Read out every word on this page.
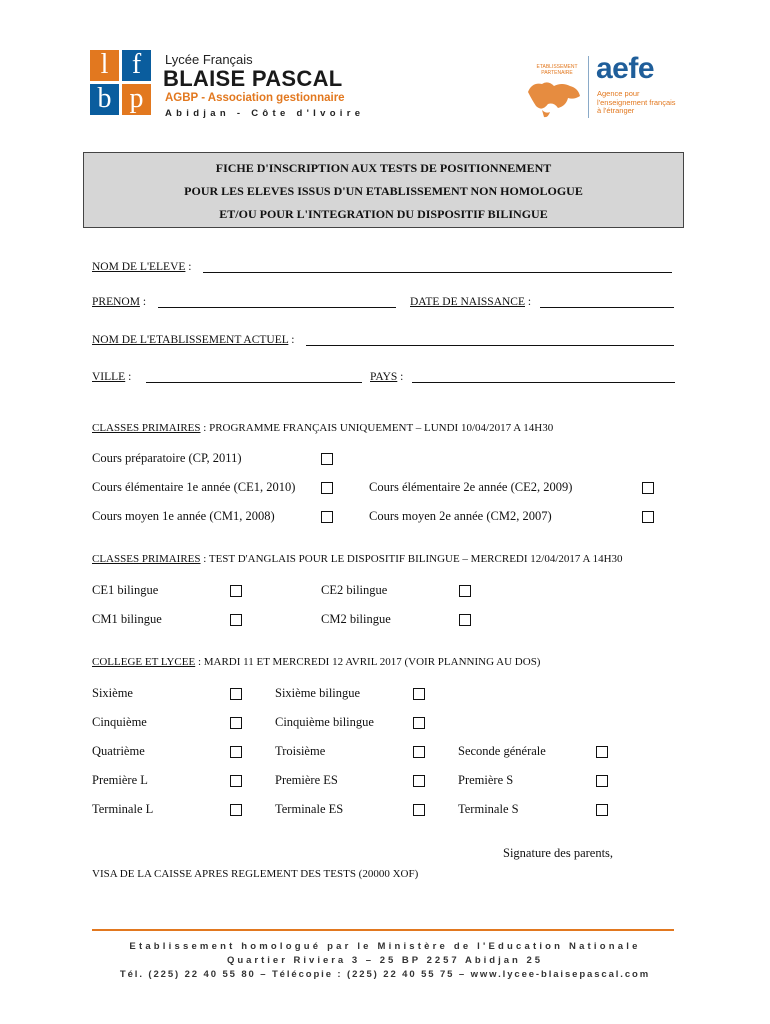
l f
b p
Lycée Français
BLAISE PASCAL
AGBP - Association gestionnaire
Abidjan - Côte d'Ivoire
ETABLISSEMENT PARTENAIRE aefe
Agence pour l'enseignement français à l'étranger
FICHE D'INSCRIPTION AUX TESTS DE POSITIONNEMENT
POUR LES ELEVES ISSUS D'UN ETABLISSEMENT NON HOMOLOGUE
ET/OU POUR L'INTEGRATION DU DISPOSITIF BILINGUE
NOM DE L'ELEVE :
PRENOM :	DATE DE NAISSANCE :
NOM DE L'ETABLISSEMENT ACTUEL :
VILLE :	PAYS :
CLASSES PRIMAIRES : PROGRAMME FRANÇAIS UNIQUEMENT – LUNDI 10/04/2017 A 14H30
Cours préparatoire (CP, 2011)
Cours élémentaire 1e année (CE1, 2010)	Cours élémentaire 2e année (CE2, 2009)
Cours moyen 1e année (CM1, 2008)	Cours moyen 2e année (CM2, 2007)
CLASSES PRIMAIRES : TEST D'ANGLAIS POUR LE DISPOSITIF BILINGUE – MERCREDI 12/04/2017 A 14H30
CE1 bilingue	CE2 bilingue
CM1 bilingue	CM2 bilingue
COLLEGE ET LYCEE : MARDI 11 ET MERCREDI 12 AVRIL 2017 (VOIR PLANNING AU DOS)
Sixième	Sixième bilingue
Cinquième	Cinquième bilingue
Quatrième	Troisième	Seconde générale
Première L	Première ES	Première S
Terminale L	Terminale ES	Terminale S
Signature des parents,
VISA DE LA CAISSE APRES REGLEMENT DES TESTS (20000 XOF)
Etablissement homologué par le Ministère de l'Education Nationale
Quartier Riviera 3 – 25 BP 2257 Abidjan 25
Tél. (225) 22 40 55 80 – Télécopie : (225) 22 40 55 75 – www.lycee-blaisepascal.com
